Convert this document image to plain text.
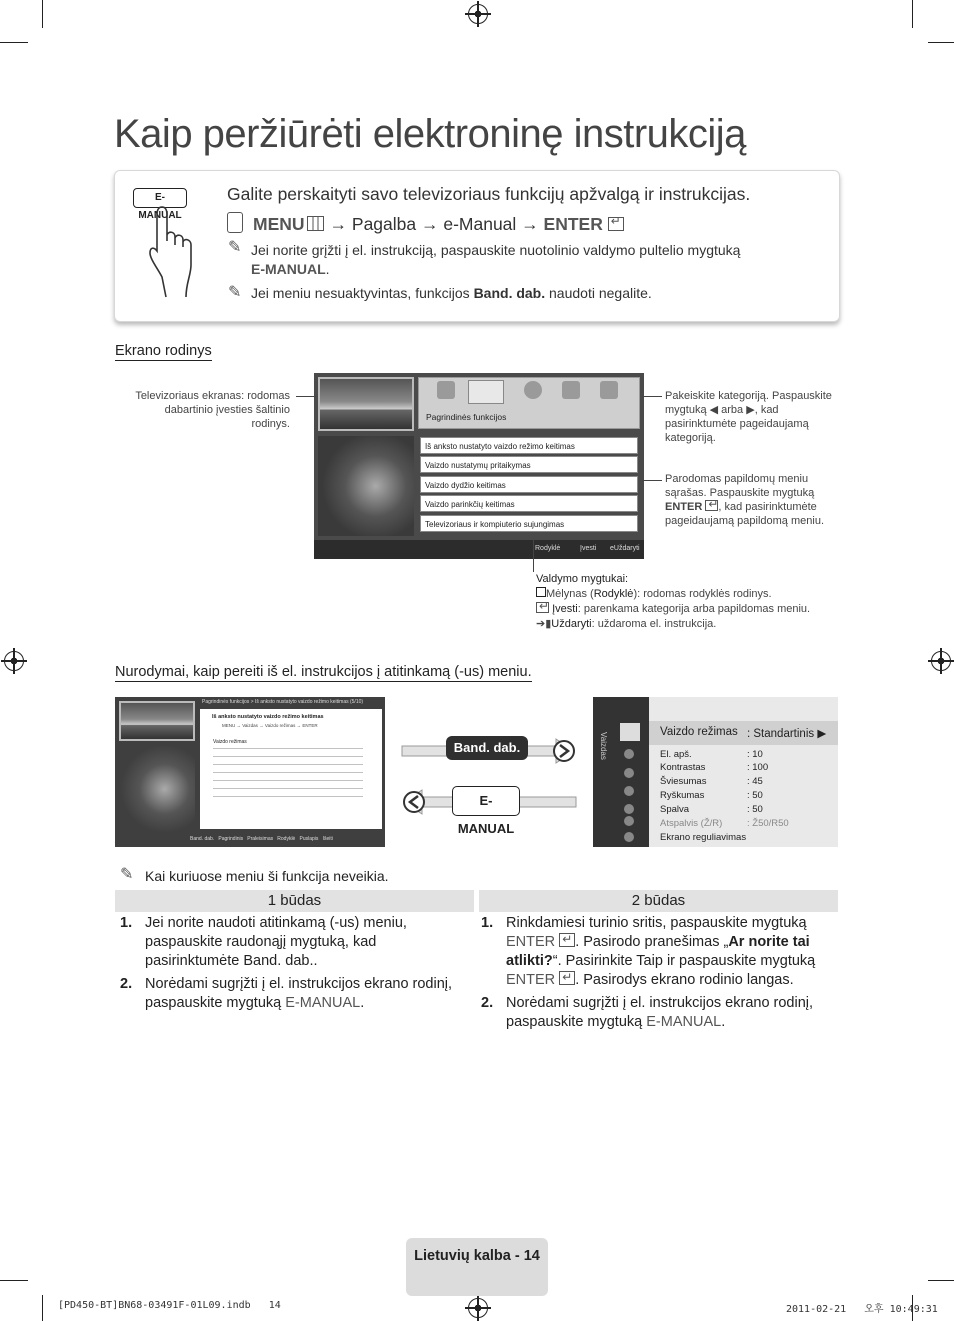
Kaip peržiūrėti elektroninę instrukciją
E-MANUAL
Galite perskaityti savo televizoriaus funkcijų apžvalgą ir instrukcijas.
MENU → Pagalba → e-Manual → ENTER ↵
✎ Jei norite grįžti į el. instrukciją, paspauskite nuotolinio valdymo pultelio mygtuką
E-MANUAL.
✎ Jei meniu nesuaktyvintas, funkcijos Band. dab. naudoti negalite.
Ekrano rodinys
Televizoriaus ekranas: rodomas dabartinio įvesties šaltinio rodinys.
Pagrindinės funkcijos
Iš anksto nustatyto vaizdo režimo keitimas
Vaizdo nustatymų pritaikymas
Vaizdo dydžio keitimas
Vaizdo parinkčių keitimas
Televizoriaus ir kompiuterio sujungimas
Rodyklė	Įvesti eUždaryti
Pakeiskite kategoriją. Paspauskite mygtuką ◀ arba ▶, kad pasirinktumėte pageidaujamą kategoriją.
Parodomas papildomų meniu sąrašas. Paspauskite mygtuką ENTER ↵ , kad pasirinktumėte pageidaujamą papildomą meniu.
Valdymo mygtukai:
Mėlynas (Rodyklė): rodomas rodyklės rodinys.
↵ Įvesti: parenkama kategorija arba papildomas meniu.
➔▮Uždaryti: uždaroma el. instrukcija.
Nurodymai, kaip pereiti iš el. instrukcijos į atitinkamą (-us) meniu.
Pagrindinės funkcijos > Iš anksto nustatyto vaizdo režimo keitimas (5/10)
Iš anksto nustatyto vaizdo režimo keitimas
MENU → Vaizdas → Vaizdo režimas → ENTER
Vaizdo režimas
Band. dab.   Pagrindinis   Praleisimas   Rodyklė   Puslapis   Išeiti
Band. dab.
E-MANUAL
Vaizdas	Vaizdo režimas : Standartinis ▶
El. apš.	: 10
Kontrastas	: 100
Šviesumas	: 45
Ryškumas	: 50
Spalva	: 50
Atspalvis (Ž/R)	: Ž50/R50
Ekrano reguliavimas
✎ Kai kuriuose meniu ši funkcija neveikia.
1 būdas	2 būdas
1. Jei norite naudoti atitinkamą (-us) meniu,
paspauskite raudonąjį mygtuką, kad
pasirinktumėte Band. dab..
2. Norėdami sugrįžti į el. instrukcijos ekrano rodinį,
paspauskite mygtuką E-MANUAL.
1. Rinkdamiesi turinio sritis, paspauskite mygtuką
ENTER ↵ . Pasirodo pranešimas „Ar norite tai
atlikti?“. Pasirinkite Taip ir paspauskite mygtuką
ENTER ↵ . Pasirodys ekrano rodinio langas.
2. Norėdami sugrįžti į el. instrukcijos ekrano rodinį,
paspauskite mygtuką E-MANUAL.
Lietuvių kalba - 14
[PD450-BT]BN68-03491F-01L09.indb   14	2011-02-21   오후 10:49:31
